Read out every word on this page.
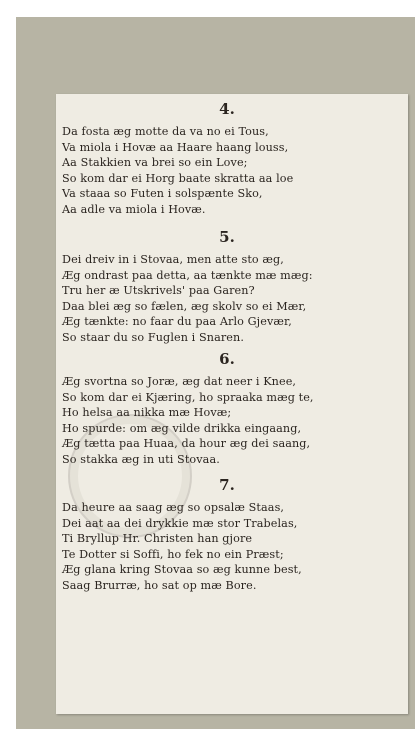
4.
Da fosta æg motte da va no ei Tous,
Va miola i Hovæ aa Haare haang louss,
Aa Stakkien va brei so ein Love;
So kom dar ei Horg baate skratta aa loe
Va staaa so Futen i solspænte Sko,
Aa adle va miola i Hovæ.
5.
Dei dreiv in i Stovaa, men atte sto æg,
Æg ondrast paa detta, aa tænkte mæ mæg:
Tru her æ Utskrivels' paa Garen?
Daa blei æg so fælen, æg skolv so ei Mær,
Æg tænkte: no faar du paa Arlo Gjevær,
So staar du so Fuglen i Snaren.
6.
Æg svortna so Joræ, æg dat neer i Knee,
So kom dar ei Kjæring, ho spraaka mæg te,
Ho helsa aa nikka mæ Hovæ;
Ho spurde: om æg vilde drikka eingaang,
Æg tætta paa Huaa, da hour æg dei saang,
So stakka æg in uti Stovaa.
7.
Da heure aa saag æg so opsalæ Staas,
Dei aat aa dei drykkie mæ stor Trabelas,
Ti Bryllup Hr. Christen han gjore
Te Dotter si Soffi, ho fek no ein Præst;
Æg glana kring Stovaa so æg kunne best,
Saag Brurræ, ho sat op mæ Bore.
